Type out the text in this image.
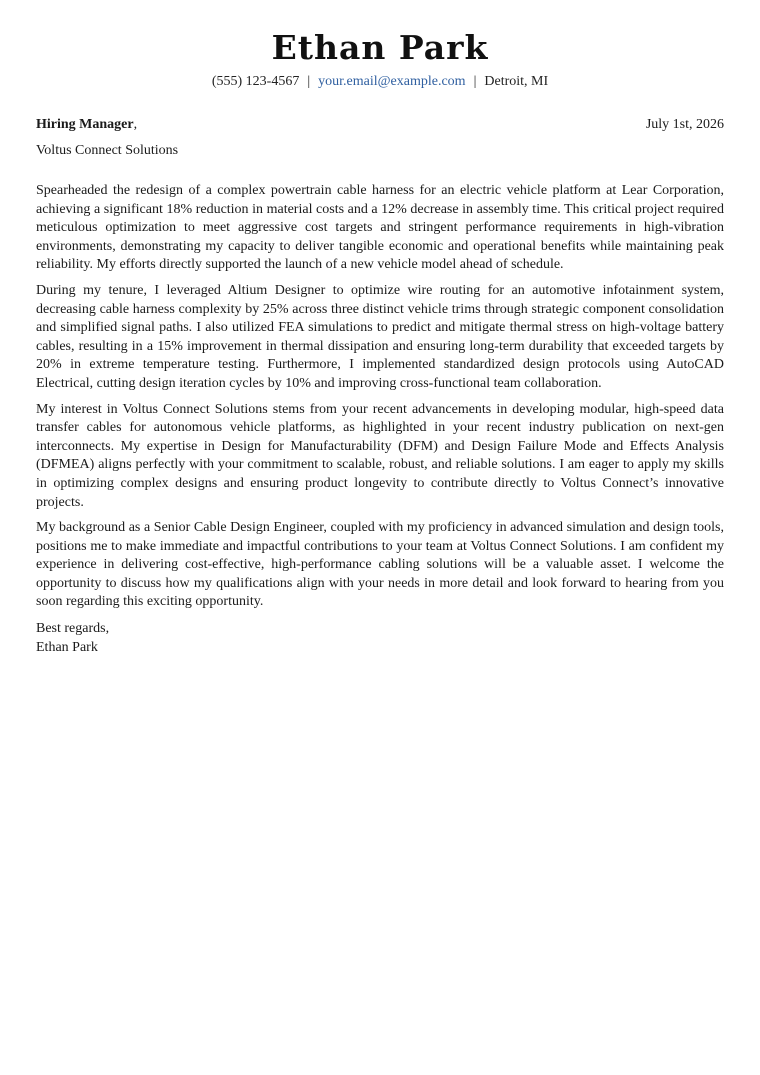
Ethan Park
(555) 123-4567 | your.email@example.com | Detroit, MI
Hiring Manager,	July 1st, 2026
Voltus Connect Solutions

Spearheaded the redesign of a complex powertrain cable harness for an electric vehicle platform at Lear Corporation, achieving a significant 18% reduction in material costs and a 12% decrease in assembly time. This critical project required meticulous optimization to meet aggressive cost targets and stringent performance requirements in high-vibration environments, demonstrating my capacity to deliver tangible economic and operational benefits while maintaining peak reliability. My efforts directly supported the launch of a new vehicle model ahead of schedule.

During my tenure, I leveraged Altium Designer to optimize wire routing for an automotive infotainment system, decreasing cable harness complexity by 25% across three distinct vehicle trims through strategic component consolidation and simplified signal paths. I also utilized FEA simulations to predict and mitigate thermal stress on high-voltage battery cables, resulting in a 15% improvement in thermal dissipation and ensuring long-term durability that exceeded targets by 20% in extreme temperature testing. Furthermore, I implemented standardized design protocols using AutoCAD Electrical, cutting design iteration cycles by 10% and improving cross-functional team collaboration.

My interest in Voltus Connect Solutions stems from your recent advancements in developing modular, high-speed data transfer cables for autonomous vehicle platforms, as highlighted in your recent industry publication on next-gen interconnects. My expertise in Design for Manufacturability (DFM) and Design Failure Mode and Effects Analysis (DFMEA) aligns perfectly with your commitment to scalable, robust, and reliable solutions. I am eager to apply my skills in optimizing complex designs and ensuring product longevity to contribute directly to Voltus Connect’s innovative projects.

My background as a Senior Cable Design Engineer, coupled with my proficiency in advanced simulation and design tools, positions me to make immediate and impactful contributions to your team at Voltus Connect Solutions. I am confident my experience in delivering cost-effective, high-performance cabling solutions will be a valuable asset. I welcome the opportunity to discuss how my qualifications align with your needs in more detail and look forward to hearing from you soon regarding this exciting opportunity.

Best regards,
Ethan Park
